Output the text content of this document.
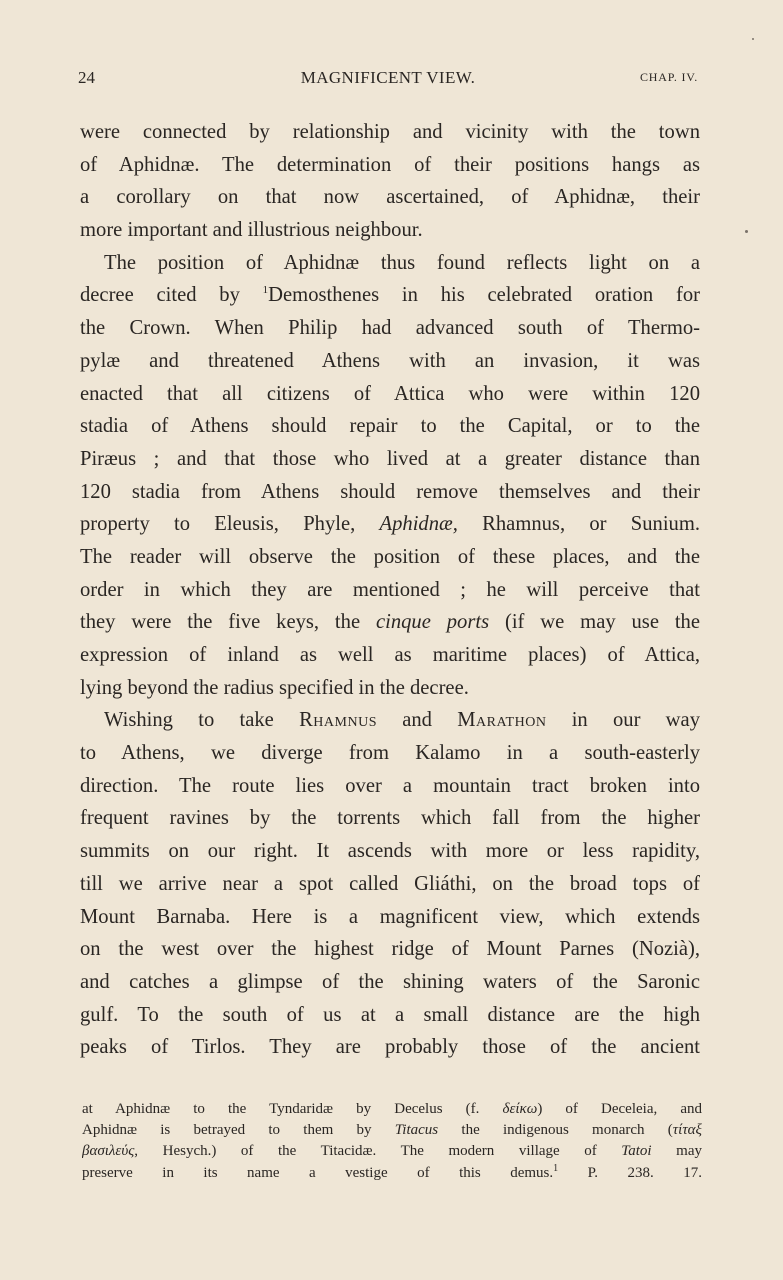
24	MAGNIFICENT VIEW.	CHAP. IV.
were connected by relationship and vicinity with the town
of Aphidnæ. The determination of their positions hangs as
a corollary on that now ascertained, of Aphidnæ, their
more important and illustrious neighbour.
The position of Aphidnæ thus found reflects light on a
decree cited by $^1$Demosthenes in his celebrated oration for
the Crown. When Philip had advanced south of Thermo-
pylæ and threatened Athens with an invasion, it was
enacted that all citizens of Attica who were within 120
stadia of Athens should repair to the Capital, or to the
Piræus ; and that those who lived at a greater distance than
120 stadia from Athens should remove themselves and their
property to Eleusis, Phyle, Aphidnæ, Rhamnus, or Sunium.
The reader will observe the position of these places, and the
order in which they are mentioned ; he will perceive that
they were the five keys, the cinque ports (if we may use the
expression of inland as well as maritime places) of Attica,
lying beyond the radius specified in the decree.
Wishing to take Rhamnus and Marathon in our way
to Athens, we diverge from Kalamo in a south-easterly
direction. The route lies over a mountain tract broken into
frequent ravines by the torrents which fall from the higher
summits on our right. It ascends with more or less rapidity,
till we arrive near a spot called Gliáthi, on the broad tops of
Mount Barnaba. Here is a magnificent view, which extends
on the west over the highest ridge of Mount Parnes (Nozià),
and catches a glimpse of the shining waters of the Saronic
gulf. To the south of us at a small distance are the high
peaks of Tirlos. They are probably those of the ancient
at Aphidnæ to the Tyndaridæ by Decelus (f. δείκω) of Deceleia, and
Aphidnæ is betrayed to them by Titacus the indigenous monarch (τίταξ
βασιλεύς, Hesych.) of the Titacidæ. The modern village of Tatoi may
preserve in its name a vestige of this demus.$^1$ P. 238. 17.
